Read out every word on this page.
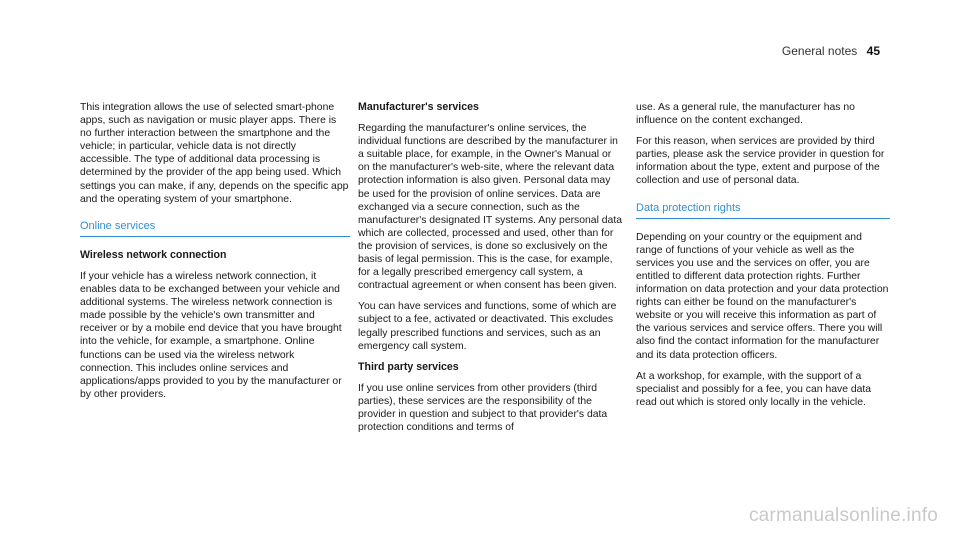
General notes 45

This integration allows the use of selected smart-phone apps, such as navigation or music player apps. There is no further interaction between the smartphone and the vehicle; in particular, vehicle data is not directly accessible. The type of additional data processing is determined by the provider of the app being used. Which settings you can make, if any, depends on the specific app and the operating system of your smartphone.

Online services

Wireless network connection

If your vehicle has a wireless network connection, it enables data to be exchanged between your vehicle and additional systems. The wireless network connection is made possible by the vehicle's own transmitter and receiver or by a mobile end device that you have brought into the vehicle, for example, a smartphone. Online functions can be used via the wireless network connection. This includes online services and applications/apps provided to you by the manufacturer or by other providers.

Manufacturer's services

Regarding the manufacturer's online services, the individual functions are described by the manufacturer in a suitable place, for example, in the Owner's Manual or on the manufacturer's web-site, where the relevant data protection information is also given. Personal data may be used for the provision of online services. Data are exchanged via a secure connection, such as the manufacturer's designated IT systems. Any personal data which are collected, processed and used, other than for the provision of services, is done so exclusively on the basis of legal permission. This is the case, for example, for a legally prescribed emergency call system, a contractual agreement or when consent has been given.

You can have services and functions, some of which are subject to a fee, activated or deactivated. This excludes legally prescribed functions and services, such as an emergency call system.

Third party services

If you use online services from other providers (third parties), these services are the responsibility of the provider in question and subject to that provider's data protection conditions and terms of

use. As a general rule, the manufacturer has no influence on the content exchanged.

For this reason, when services are provided by third parties, please ask the service provider in question for information about the type, extent and purpose of the collection and use of personal data.

Data protection rights

Depending on your country or the equipment and range of functions of your vehicle as well as the services you use and the services on offer, you are entitled to different data protection rights. Further information on data protection and your data protection rights can either be found on the manufacturer's website or you will receive this information as part of the various services and service offers. There you will also find the contact information for the manufacturer and its data protection officers.

At a workshop, for example, with the support of a specialist and possibly for a fee, you can have data read out which is stored only locally in the vehicle.

carmanualsonline.info
